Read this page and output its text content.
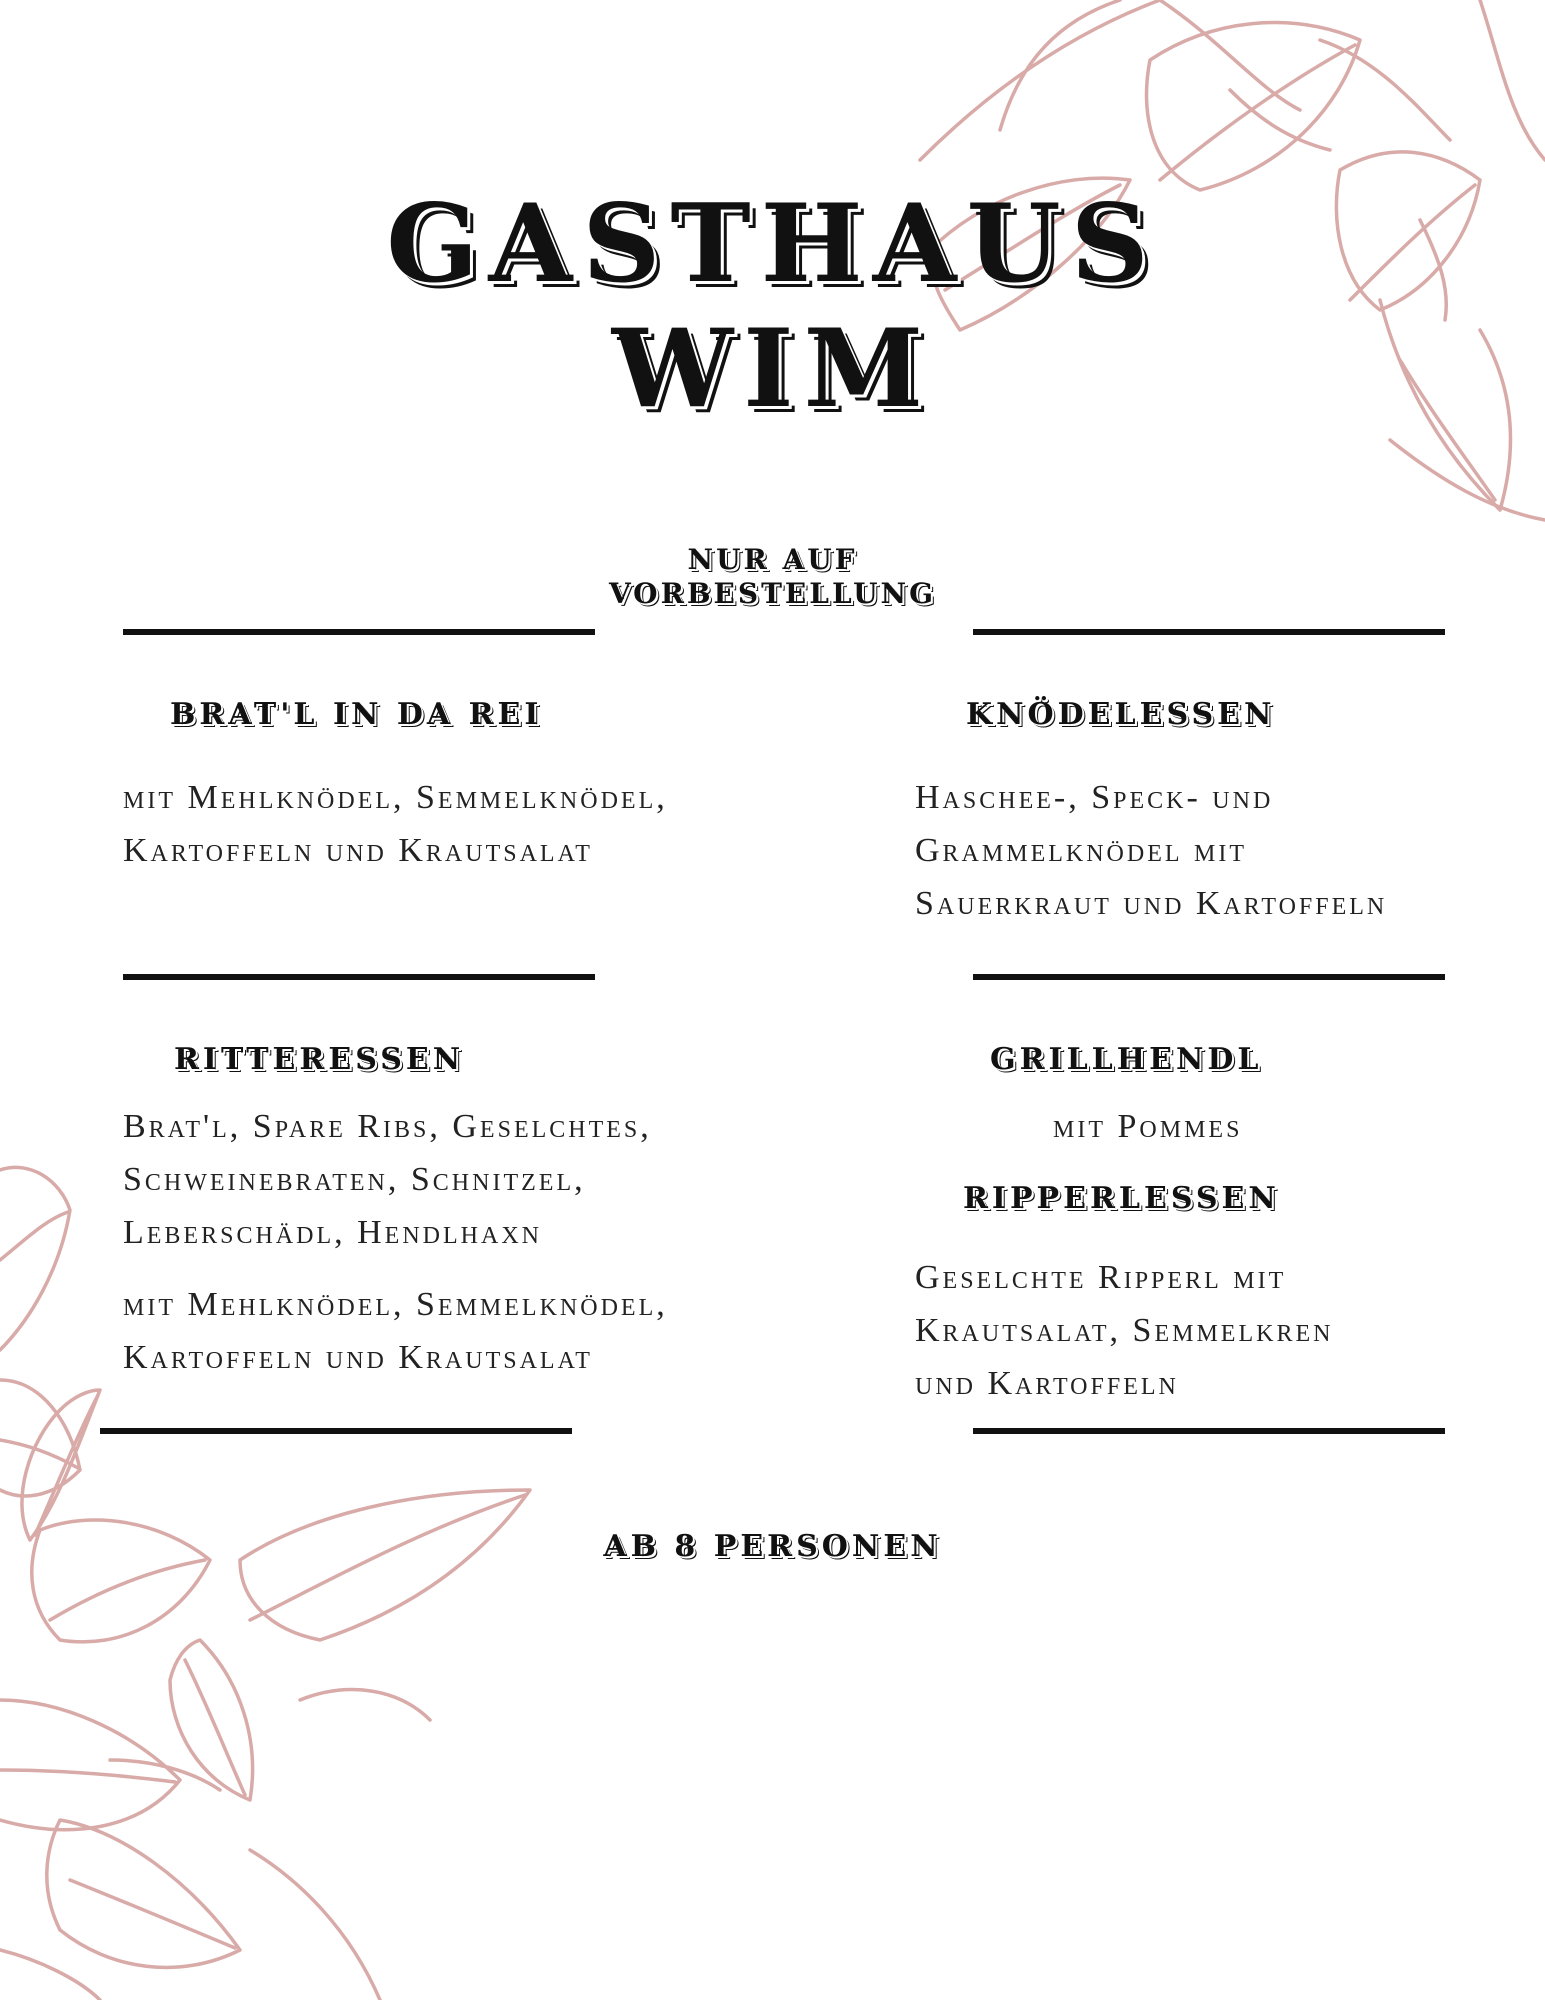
GASTHAUS
WIM
NUR AUF
VORBESTELLUNG
BRAT'L IN DA REI
mit Mehlknödel, Semmelknödel,
Kartoffeln und Krautsalat
KNÖDELESSEN
Haschee-, Speck- und
Grammelknödel mit
Sauerkraut und Kartoffeln
RITTERESSEN
Brat'l, Spare Ribs, Geselchtes,
Schweinebraten, Schnitzel,
Leberschädl, Hendlhaxn
mit Mehlknödel, Semmelknödel,
Kartoffeln und Krautsalat
GRILLHENDL
mit Pommes
RIPPERLESSEN
Geselchte Ripperl mit
Krautsalat, Semmelkren
und Kartoffeln
AB 8 PERSONEN
